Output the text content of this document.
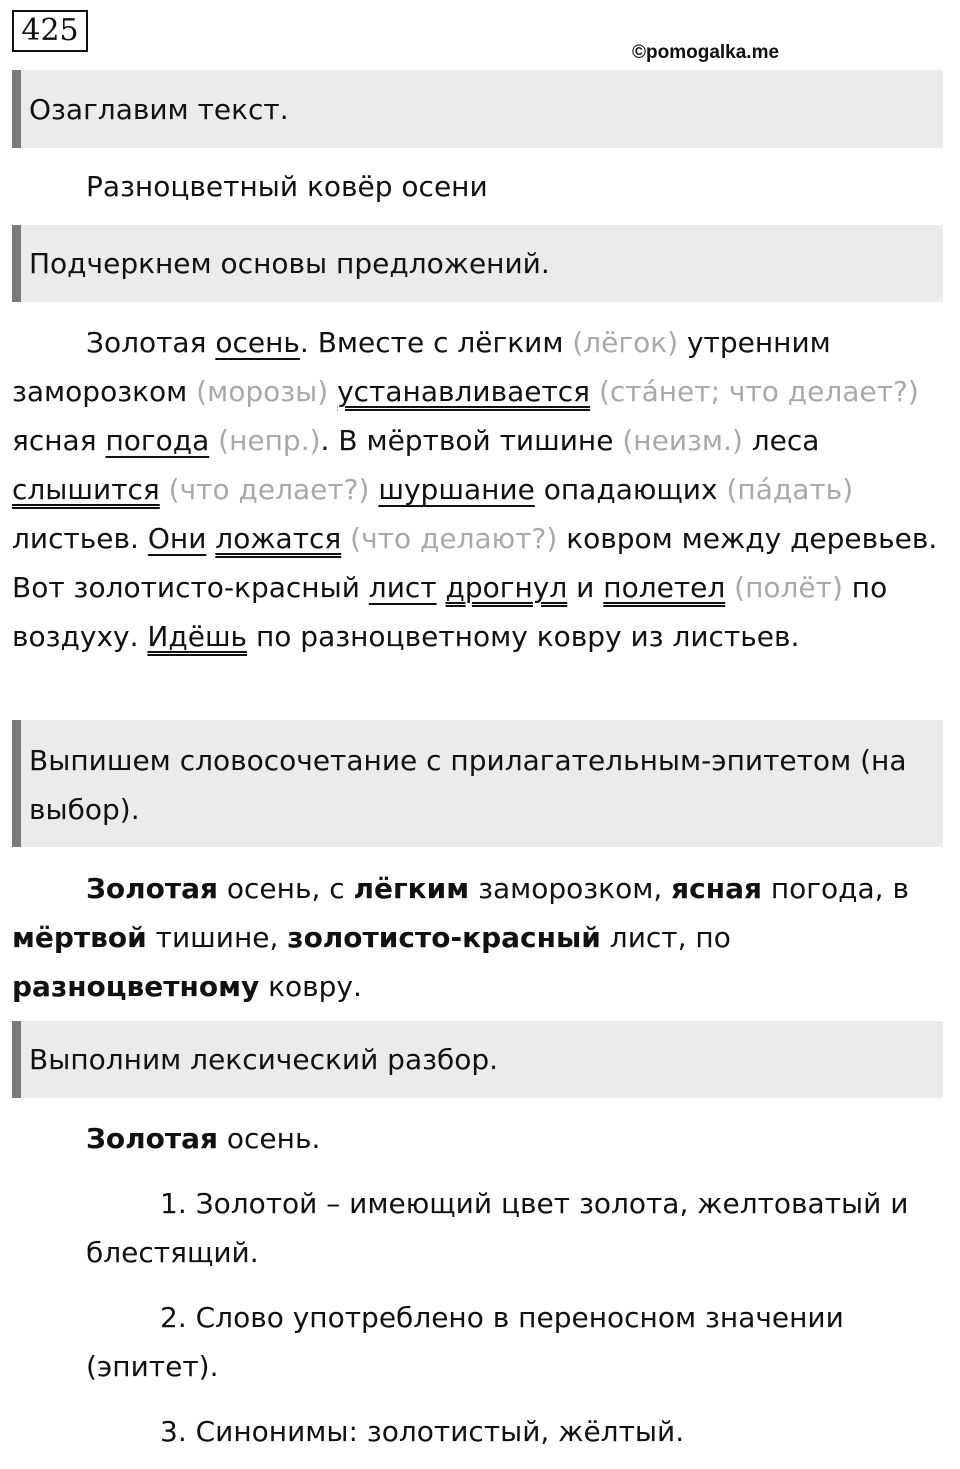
425
©pomogalka.me
Озаглавим текст.
Разноцветный ковёр осени
Подчеркнем основы предложений.
Золотая осень. Вместе с лёгким (лёгок) утренним заморозком (морозы) устанавливается (ста́нет; что делает?) ясная погода (непр.). В мёртвой тишине (неизм.) леса слышится (что делает?) шуршание опадающих (па́дать) листьев. Они ложатся (что делают?) ковром между деревьев. Вот золотисто-красный лист дрогнул и полетел (полёт) по воздуху. Идёшь по разноцветному ковру из листьев.
Выпишем словосочетание с прилагательным-эпитетом (на выбор).
Золотая осень, с лёгким заморозком, ясная погода, в мёртвой тишине, золотисто-красный лист, по разноцветному ковру.
Выполним лексический разбор.
Золотая осень.
1. Золотой – имеющий цвет золота, желтоватый и блестящий.
2. Слово употреблено в переносном значении (эпитет).
3. Синонимы: золотистый, жёлтый.
